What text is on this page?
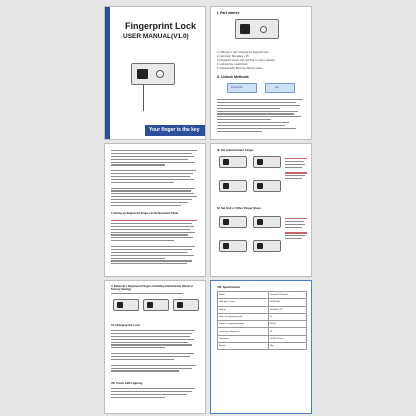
Fingerprint Lock
USER MANUAL(V1.0)
Your finger is the key
I. Part names
1. USB type-C port: Charging the fingerprint lock.
2. Lock body: Box safety + PC
3. Fingerprint sensor: Put your finger in here to identify.
4. Locking hole: Lock/Unlock
5. Indicated light: Show the different status.
II. Unlock Methods
Fingerprint	Key
1 Setting up Registered Fingers in the Biometric Panel
III. Set Administrator Finger
IV. Set End or Other Finger Steps
V. Delete ALL Registered Fingers Including Administrator (Reset to Factory Setting)
VI. Charging the Lock
VII. Touch LED Lighting
VIII. Specification
Model	Lumalock77 Biolock
USB type-C input	5V/500mA
Battery	300mAh 3.7V
Status of registering card	2s
State of unregistering finger	6s/10s
Capacity of fingerprint	20
Dimension	52*30*18.5mm
Weight	90g
